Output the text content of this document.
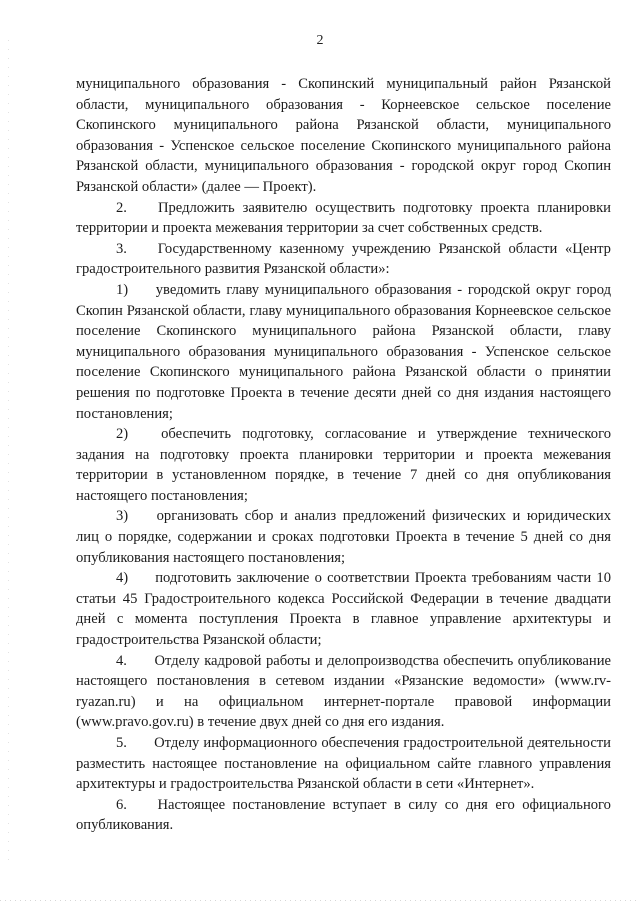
2

муниципального образования - Скопинский муниципальный район Рязанской области, муниципального образования - Корнеевское сельское поселение Скопинского муниципального района Рязанской области, муниципального образования - Успенское сельское поселение Скопинского муниципального района Рязанской области, муниципального образования - городской округ город Скопин Рязанской области» (далее — Проект).

2. Предложить заявителю осуществить подготовку проекта планировки территории и проекта межевания территории за счет собственных средств.

3. Государственному казенному учреждению Рязанской области «Центр градостроительного развития Рязанской области»:

1) уведомить главу муниципального образования - городской округ город Скопин Рязанской области, главу муниципального образования Корнеевское сельское поселение Скопинского муниципального района Рязанской области, главу муниципального образования муниципального образования - Успенское сельское поселение Скопинского муниципального района Рязанской области о принятии решения по подготовке Проекта в течение десяти дней со дня издания настоящего постановления;

2) обеспечить подготовку, согласование и утверждение технического задания на подготовку проекта планировки территории и проекта межевания территории в установленном порядке, в течение 7 дней со дня опубликования настоящего постановления;

3) организовать сбор и анализ предложений физических и юридических лиц о порядке, содержании и сроках подготовки Проекта в течение 5 дней со дня опубликования настоящего постановления;

4) подготовить заключение о соответствии Проекта требованиям части 10 статьи 45 Градостроительного кодекса Российской Федерации в течение двадцати дней с момента поступления Проекта в главное управление архитектуры и градостроительства Рязанской области;

4. Отделу кадровой работы и делопроизводства обеспечить опубликование настоящего постановления в сетевом издании «Рязанские ведомости» (www.rv-ryazan.ru) и на официальном интернет-портале правовой информации (www.pravo.gov.ru) в течение двух дней со дня его издания.

5. Отделу информационного обеспечения градостроительной деятельности разместить настоящее постановление на официальном сайте главного управления архитектуры и градостроительства Рязанской области в сети «Интернет».

6. Настоящее постановление вступает в силу со дня его официального опубликования.
